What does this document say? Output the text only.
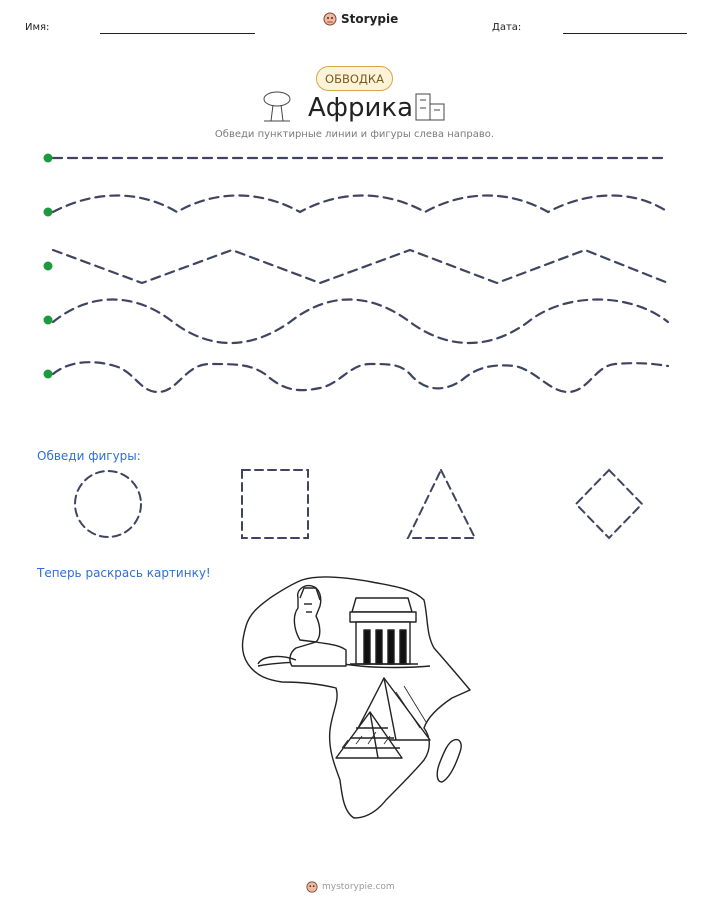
Имя:
Storypie
Дата:
ОБВОДКА
Африка
Обведи пунктирные линии и фигуры слева направо.
Обведи фигуры:
Теперь раскрась картинку!
mystorypie.com
